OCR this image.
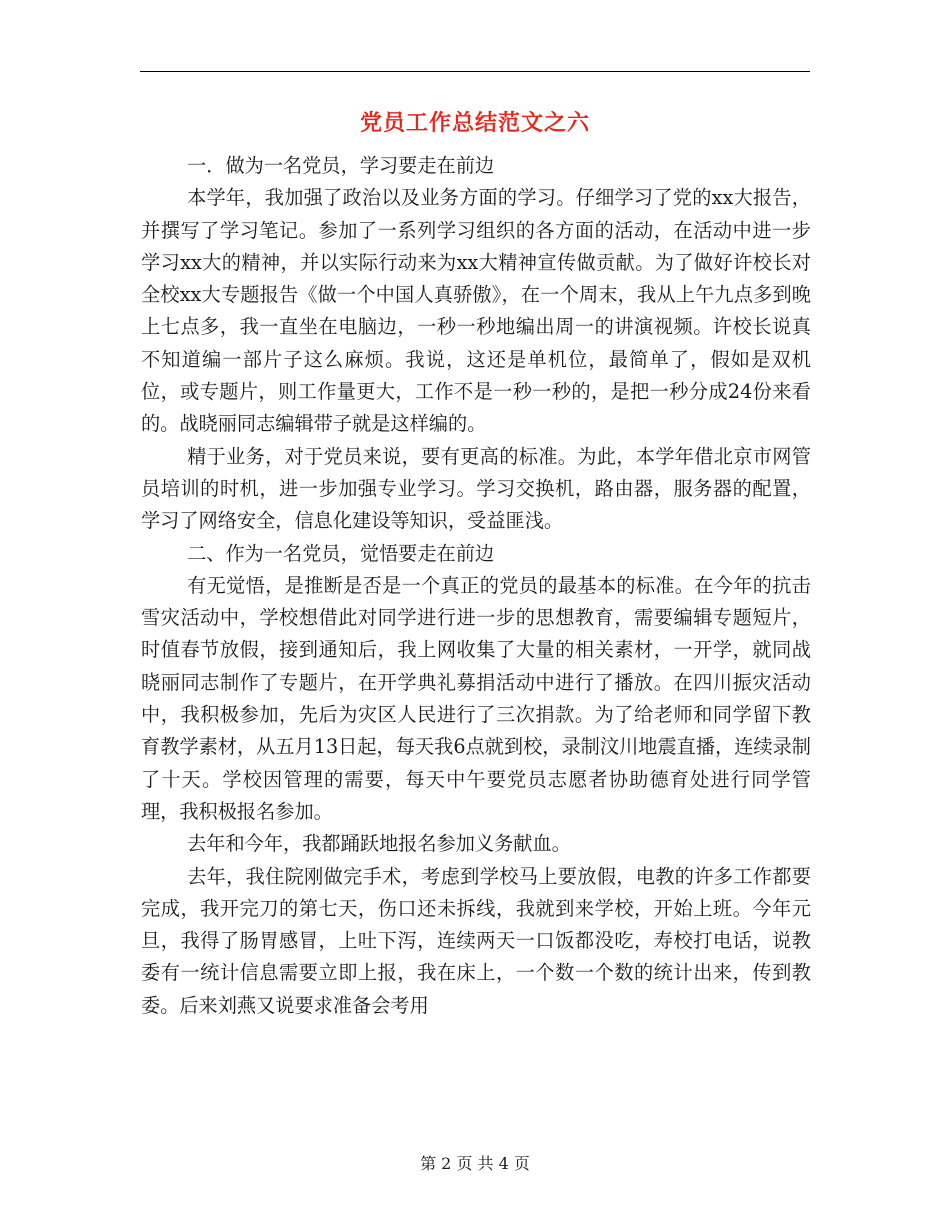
党员工作总结范文之六

一．做为一名党员，学习要走在前边

本学年，我加强了政治以及业务方面的学习。仔细学习了党的xx大报告，并撰写了学习笔记。参加了一系列学习组织的各方面的活动，在活动中进一步学习xx大的精神，并以实际行动来为xx大精神宣传做贡献。为了做好许校长对全校xx大专题报告《做一个中国人真骄傲》，在一个周末，我从上午九点多到晚上七点多，我一直坐在电脑边，一秒一秒地编出周一的讲演视频。许校长说真不知道编一部片子这么麻烦。我说，这还是单机位，最简单了，假如是双机位，或专题片，则工作量更大，工作不是一秒一秒的，是把一秒分成24份来看的。战晓丽同志编辑带子就是这样编的。

精于业务，对于党员来说，要有更高的标准。为此，本学年借北京市网管员培训的时机，进一步加强专业学习。学习交换机，路由器，服务器的配置，学习了网络安全，信息化建设等知识，受益匪浅。

二、作为一名党员，觉悟要走在前边

有无觉悟，是推断是否是一个真正的党员的最基本的标准。在今年的抗击雪灾活动中，学校想借此对同学进行进一步的思想教育，需要编辑专题短片，时值春节放假，接到通知后，我上网收集了大量的相关素材，一开学，就同战晓丽同志制作了专题片，在开学典礼募捐活动中进行了播放。在四川振灾活动中，我积极参加，先后为灾区人民进行了三次捐款。为了给老师和同学留下教育教学素材，从五月13日起，每天我6点就到校，录制汶川地震直播，连续录制了十天。学校因管理的需要，每天中午要党员志愿者协助德育处进行同学管理，我积极报名参加。

去年和今年，我都踊跃地报名参加义务献血。

去年，我住院刚做完手术，考虑到学校马上要放假，电教的许多工作都要完成，我开完刀的第七天，伤口还未拆线，我就到来学校，开始上班。今年元旦，我得了肠胃感冒，上吐下泻，连续两天一口饭都没吃，寿校打电话，说教委有一统计信息需要立即上报，我在床上，一个数一个数的统计出来，传到教委。后来刘燕又说要求准备会考用

第 2 页 共 4 页
